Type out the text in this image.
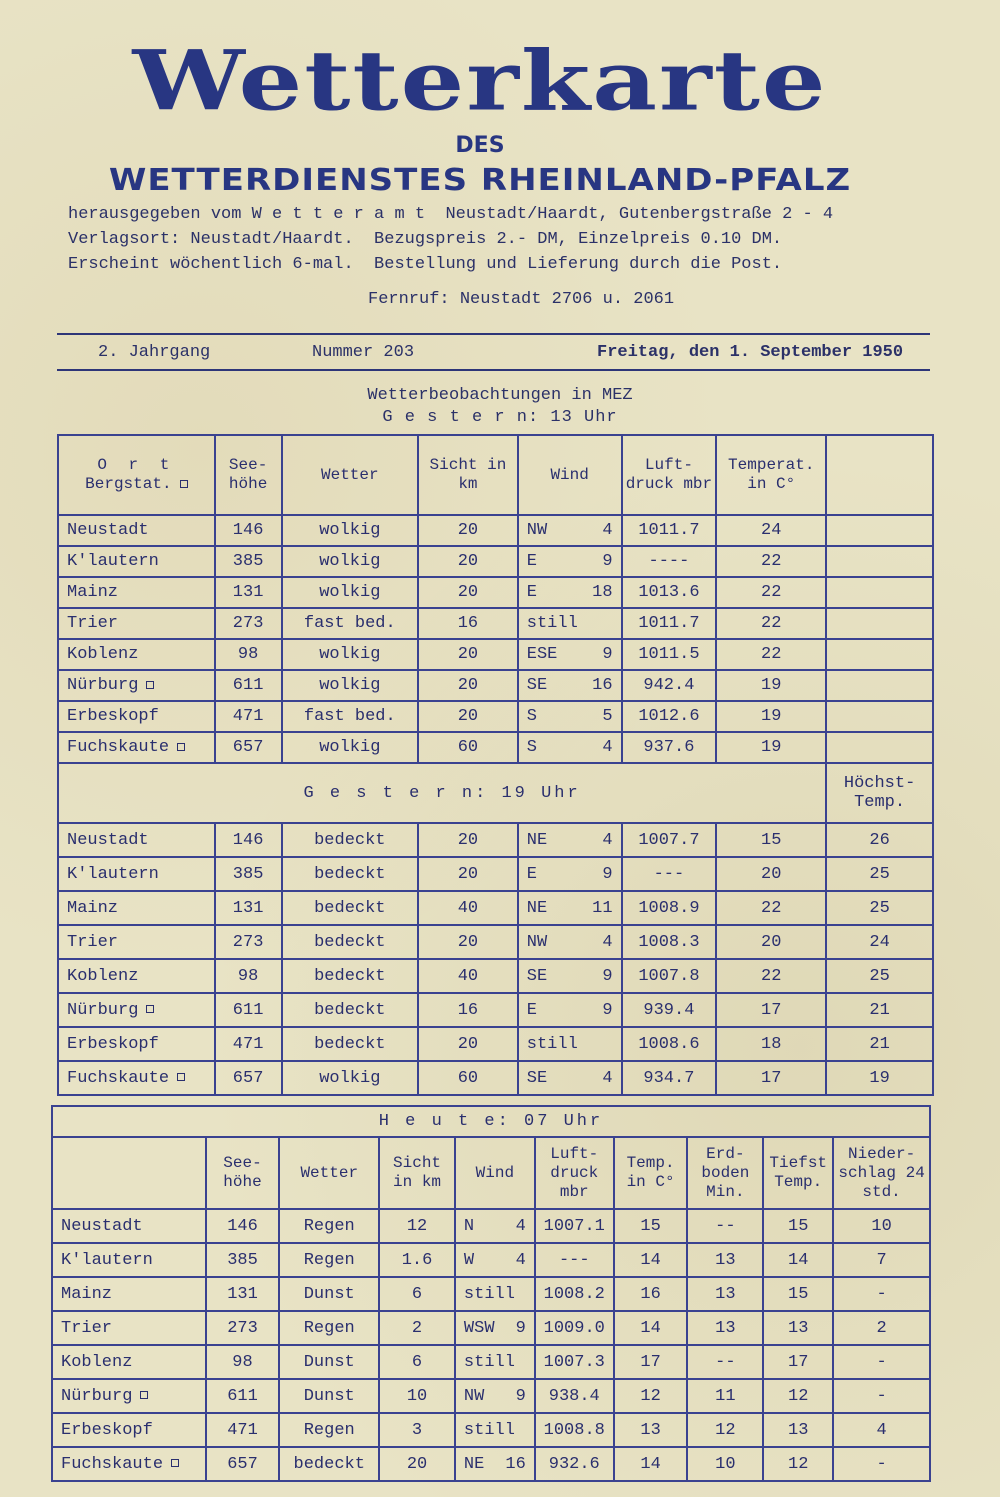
Wetterkarte
DES
WETTERDIENSTES RHEINLAND-PFALZ
herausgegeben vom W e t t e r a m t  Neustadt/Haardt, Gutenbergstraße 2 - 4
Verlagsort: Neustadt/Haardt.  Bezugspreis 2.- DM, Einzelpreis 0.10 DM.
Erscheint wöchentlich 6-mal.  Bestellung und Lieferung durch die Post.
Fernruf: Neustadt 2706 u. 2061
2. Jahrgang	Nummer 203	Freitag, den 1. September 1950
Wetterbeobachtungen in MEZ
G e s t e r n: 13 Uhr
O r t
Bergstat.	See- höhe	Wetter	Sicht in km	Wind	Luft- druck mbr	Temperat. in C°	
Neustadt	146	wolkig	20	NW 4	1011.7	24	
K'lautern	385	wolkig	20	E 9	----	22	
Mainz	131	wolkig	20	E 18	1013.6	22	
Trier	273	fast bed.	16	still	1011.7	22	
Koblenz	98	wolkig	20	ESE 9	1011.5	22	
Nürburg	611	wolkig	20	SE 16	942.4	19	
Erbeskopf	471	fast bed.	20	S 5	1012.6	19	
Fuchskaute	657	wolkig	60	S 4	937.6	19	
G e s t e r n: 19 Uhr							Höchst- Temp.
Neustadt	146	bedeckt	20	NE 4	1007.7	15	26
K'lautern	385	bedeckt	20	E 9	---	20	25
Mainz	131	bedeckt	40	NE 11	1008.9	22	25
Trier	273	bedeckt	20	NW 4	1008.3	20	24
Koblenz	98	bedeckt	40	SE 9	1007.8	22	25
Nürburg	611	bedeckt	16	E 9	939.4	17	21
Erbeskopf	471	bedeckt	20	still	1008.6	18	21
Fuchskaute	657	wolkig	60	SE 4	934.7	17	19
H e u t e: 07 Uhr									
	See- höhe	Wetter	Sicht in km	Wind	Luft- druck mbr	Temp. in C°	Erd- boden Min.	Tiefst Temp.	Nieder- schlag 24 std.
Neustadt	146	Regen	12	N 4	1007.1	15	--	15	10
K'lautern	385	Regen	1.6	W 4	---	14	13	14	7
Mainz	131	Dunst	6	still	1008.2	16	13	15	-
Trier	273	Regen	2	WSW 9	1009.0	14	13	13	2
Koblenz	98	Dunst	6	still	1007.3	17	--	17	-
Nürburg	611	Dunst	10	NW 9	938.4	12	11	12	-
Erbeskopf	471	Regen	3	still	1008.8	13	12	13	4
Fuchskaute	657	bedeckt	20	NE 16	932.6	14	10	12	-
